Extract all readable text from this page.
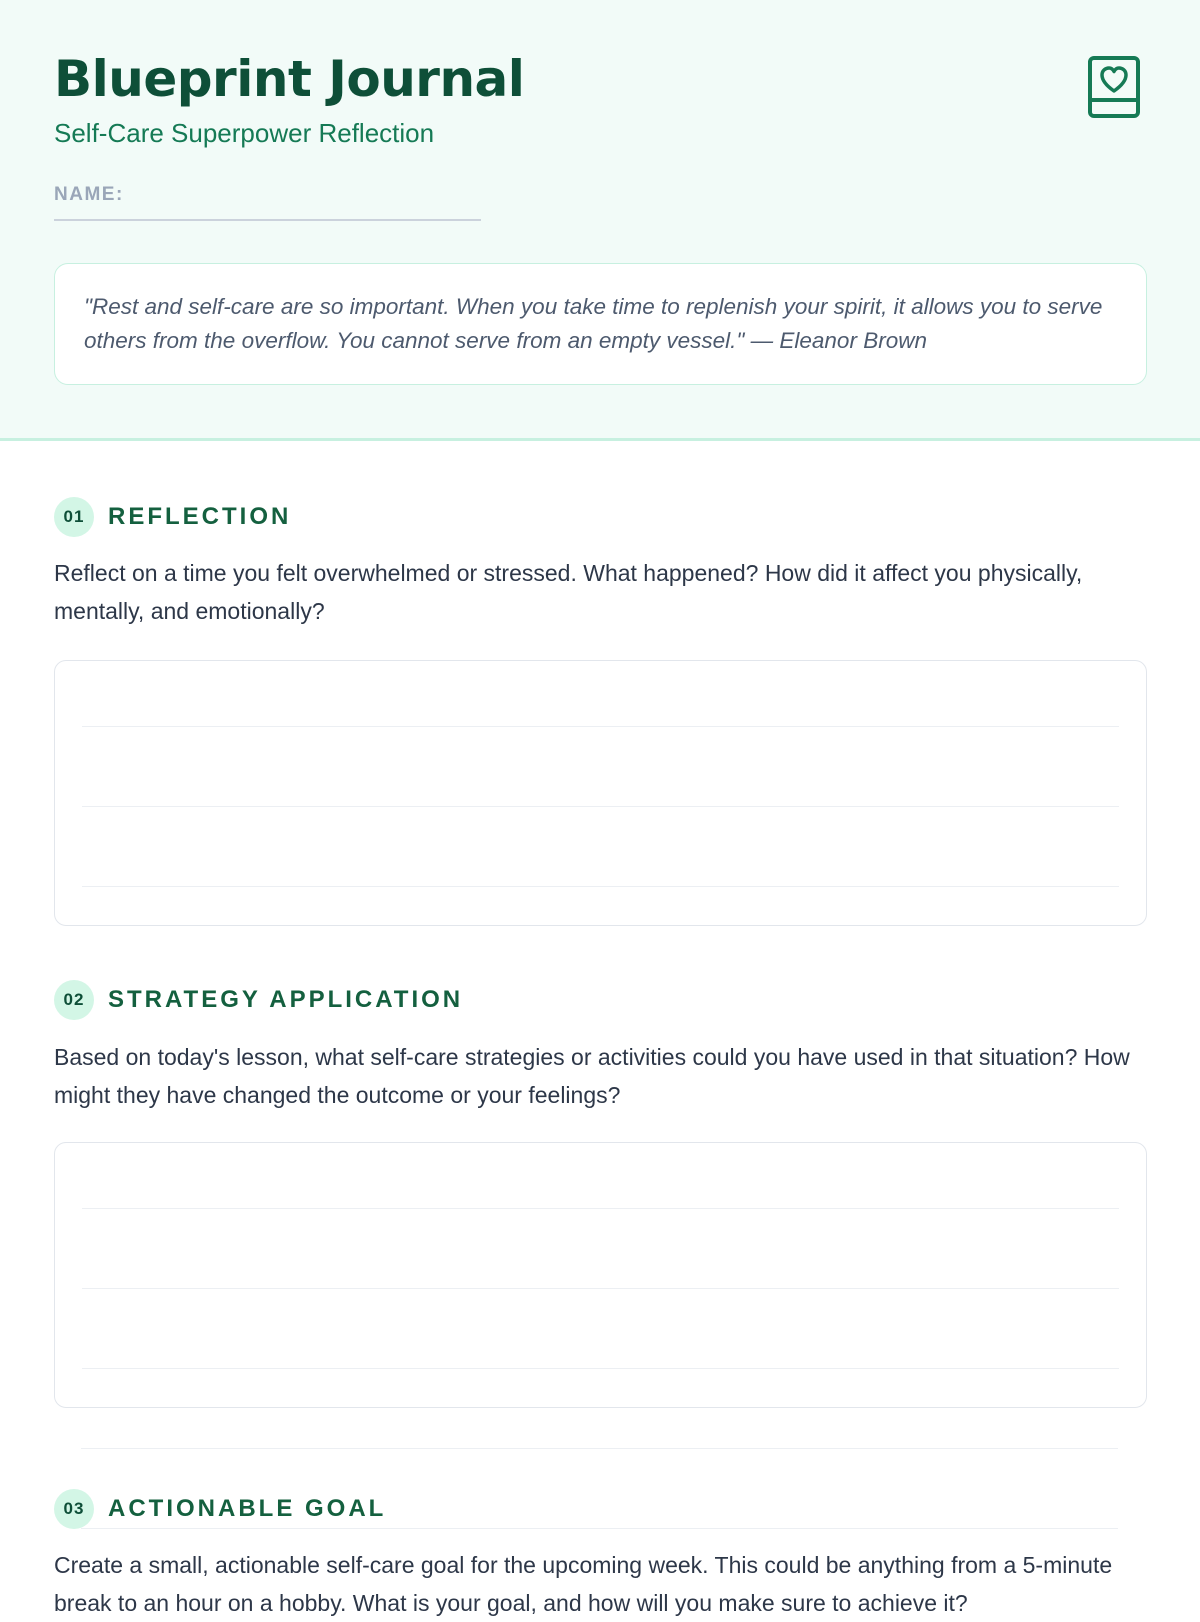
Blueprint Journal
Self-Care Superpower Reflection
NAME:

"Rest and self-care are so important. When you take time to replenish your spirit, it allows you to serve others from the overflow. You cannot serve from an empty vessel." — Eleanor Brown

01 REFLECTION

Reflect on a time you felt overwhelmed or stressed. What happened? How did it affect you physically, mentally, and emotionally?

02 STRATEGY APPLICATION

Based on today's lesson, what self-care strategies or activities could you have used in that situation? How might they have changed the outcome or your feelings?

03 ACTIONABLE GOAL

Create a small, actionable self-care goal for the upcoming week. This could be anything from a 5-minute break to an hour on a hobby. What is your goal, and how will you make sure to achieve it?
